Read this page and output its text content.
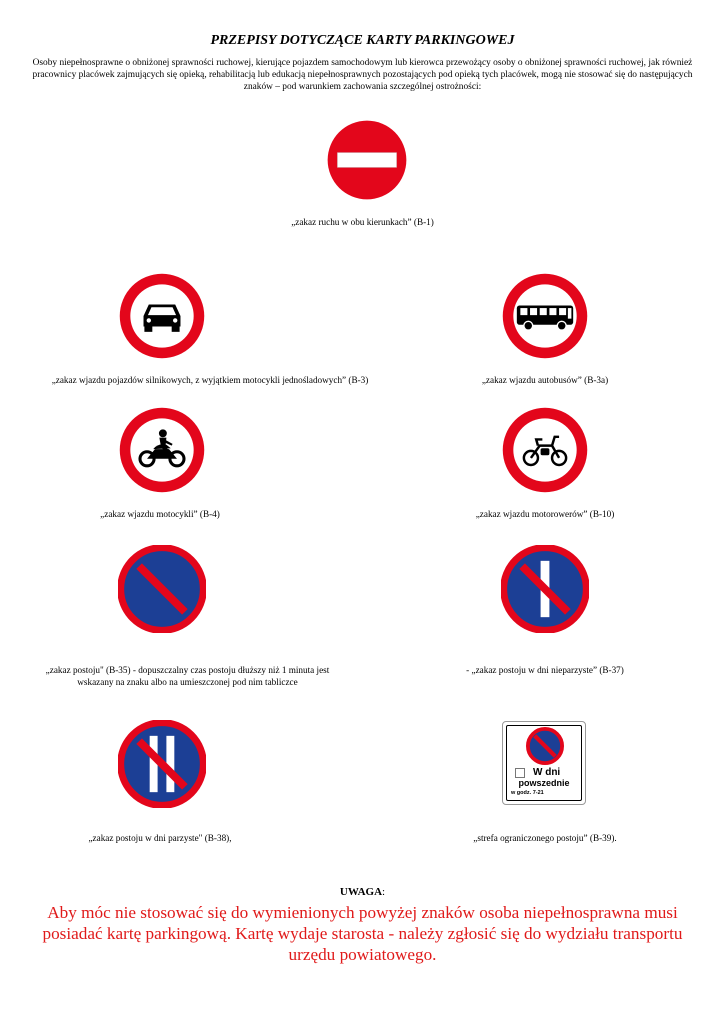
PRZEPISY DOTYCZĄCE KARTY PARKINGOWEJ

Osoby niepełnosprawne o obniżonej sprawności ruchowej, kierujące pojazdem samochodowym lub kierowca przewożący osoby o obniżonej sprawności ruchowej, jak również pracownicy placówek zajmujących się opieką, rehabilitacją lub edukacją niepełnosprawnych pozostających pod opieką tych placówek, mogą nie stosować się do następujących znaków – pod warunkiem zachowania szczególnej ostrożności:

„zakaz ruchu w obu kierunkach” (B-1)
„zakaz wjazdu pojazdów silnikowych, z wyjątkiem motocykli jednośladowych” (B-3)	„zakaz wjazdu autobusów” (B-3a)
„zakaz wjazdu motocykli” (B-4)	„zakaz wjazdu motorowerów” (B-10)
„zakaz postoju" (B-35) - dopuszczalny czas postoju dłuższy niż 1 minuta jest
wskazany na znaku albo na umieszczonej pod nim tabliczce
- „zakaz postoju w dni nieparzyste” (B-37)
„zakaz postoju w dni parzyste" (B-38),
W dni
powszednie
w godz. 7-21
„strefa ograniczonego postoju” (B-39).
UWAGA:
Aby móc nie stosować się do wymienionych powyżej znaków osoba niepełnosprawna musi posiadać kartę parkingową. Kartę wydaje starosta - należy zgłosić się do wydziału transportu urzędu powiatowego.
